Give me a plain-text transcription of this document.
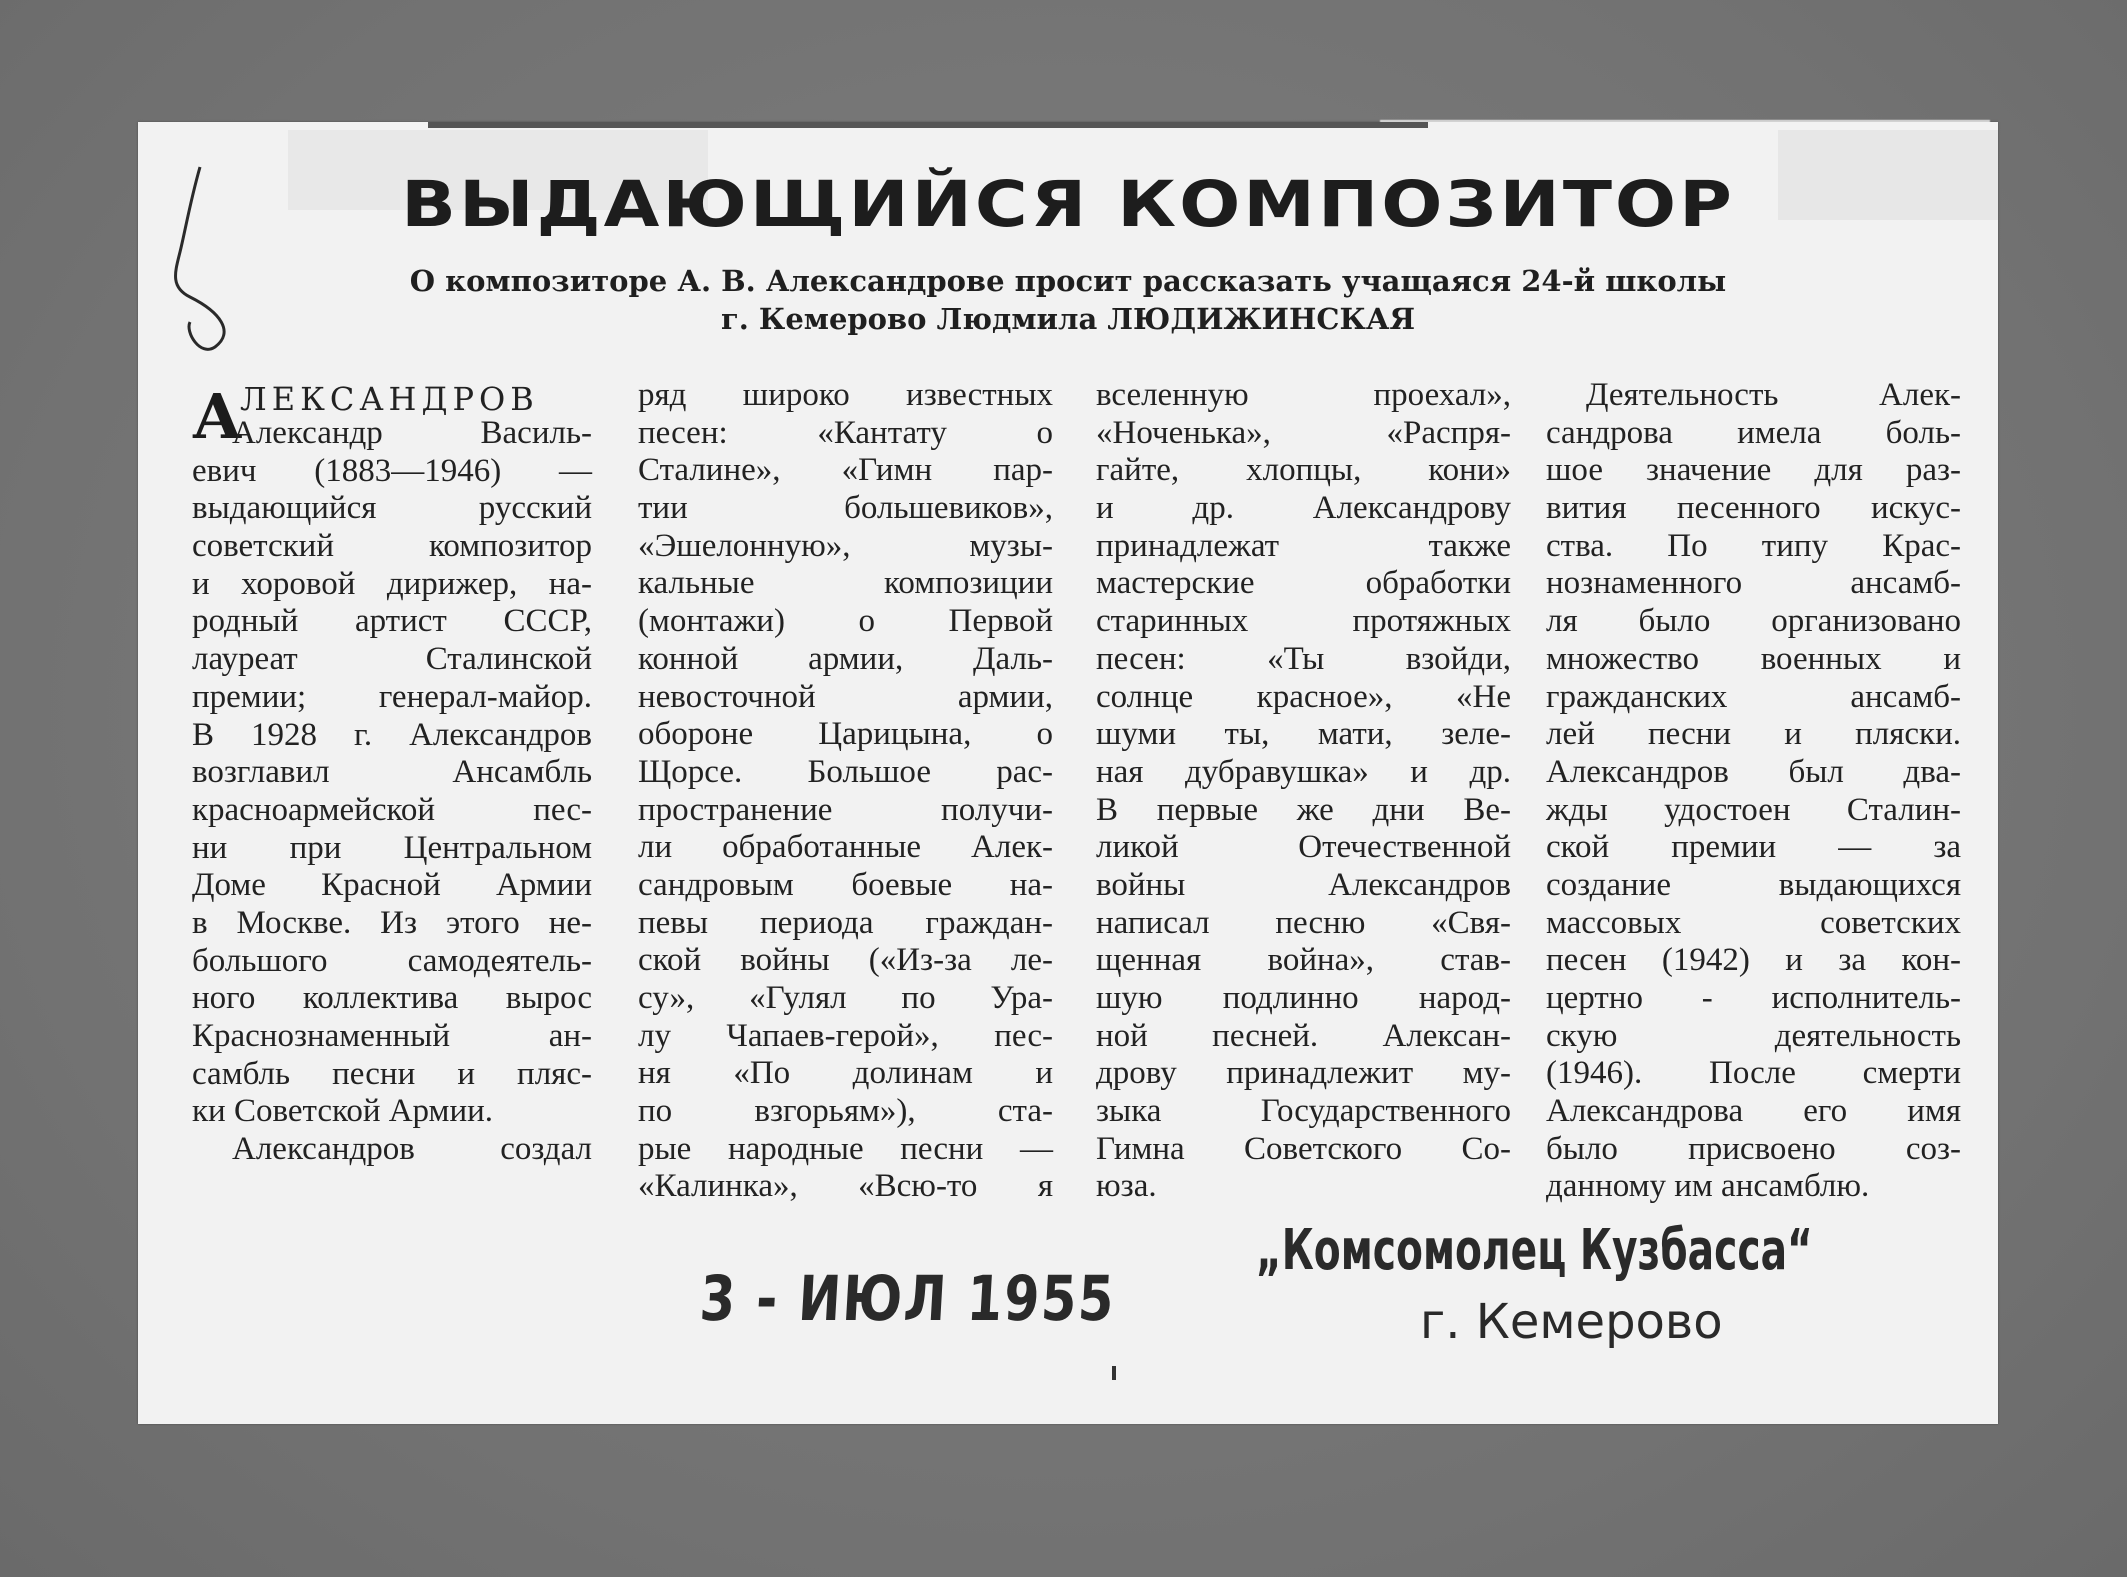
ВЫДАЮЩИЙСЯ КОМПОЗИТОР
О композиторе А. В. Александрове просит рассказать учащаяся 24-й школы
г. Кемерово Людмила ЛЮДИЖИНСКАЯ
А
ЛЕКСАНДРОВ
Александр Василь-
евич (1883—1946) —
выдающийся русский
советский композитор
и хоровой дирижер, на-
родный артист СССР,
лауреат Сталинской
премии; генерал-майор.
В 1928 г. Александров
возглавил Ансамбль
красноармейской пес-
ни при Центральном
Доме Красной Армии
в Москве. Из этого не-
большого самодеятель-
ного коллектива вырос
Краснознаменный ан-
самбль песни и пляс-
ки Советской Армии.
Александров создал
ряд широко известных
песен: «Кантату о
Сталине», «Гимн пар-
тии большевиков»,
«Эшелонную», музы-
кальные композиции
(монтажи) о Первой
конной армии, Даль-
невосточной армии,
обороне Царицына, о
Щорсе. Большое рас-
пространение получи-
ли обработанные Алек-
сандровым боевые на-
певы периода граждан-
ской войны («Из-за ле-
су», «Гулял по Ура-
лу Чапаев-герой», пес-
ня «По долинам и
по взгорьям»), ста-
рые народные песни —
«Калинка», «Всю-то я
вселенную проехал»,
«Ноченька», «Распря-
гайте, хлопцы, кони»
и др. Александрову
принадлежат также
мастерские обработки
старинных протяжных
песен: «Ты взойди,
солнце красное», «Не
шуми ты, мати, зеле-
ная дубравушка» и др.
В первые же дни Ве-
ликой Отечественной
войны Александров
написал песню «Свя-
щенная война», став-
шую подлинно народ-
ной песней. Алексан-
дрову принадлежит му-
зыка Государственного
Гимна Советского Со-
юза.
Деятельность Алек-
сандрова имела боль-
шое значение для раз-
вития песенного искус-
ства. По типу Крас-
нознаменного ансамб-
ля было организовано
множество военных и
гражданских ансамб-
лей песни и пляски.
Александров был два-
жды удостоен Сталин-
ской премии — за
создание выдающихся
массовых советских
песен (1942) и за кон-
цертно - исполнитель-
скую деятельность
(1946). После смерти
Александрова его имя
было присвоено соз-
данному им ансамблю.
3 - ИЮЛ 1955
„Комсомолец Кузбасса“
г. Кемерово
